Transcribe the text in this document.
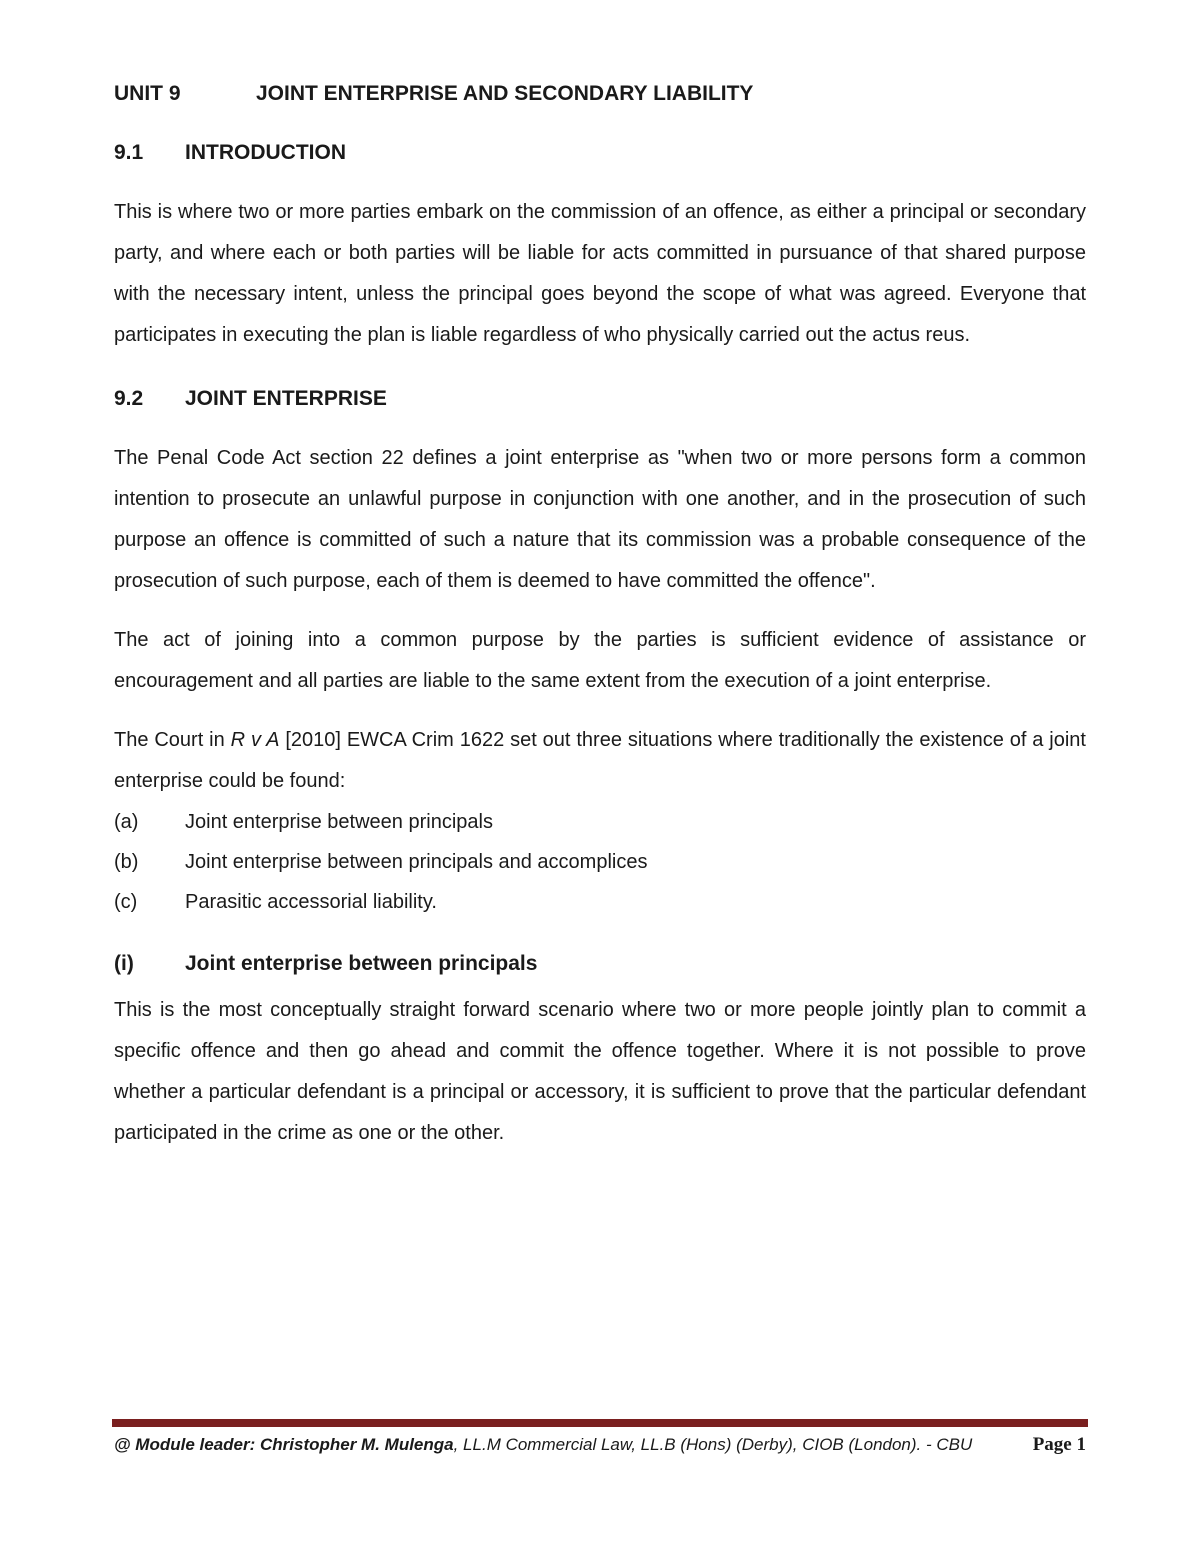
UNIT 9	JOINT ENTERPRISE AND SECONDARY LIABILITY
9.1	INTRODUCTION

This is where two or more parties embark on the commission of an offence, as either a principal or secondary party, and where each or both parties will be liable for acts committed in pursuance of that shared purpose with the necessary intent, unless the principal goes beyond the scope of what was agreed. Everyone that participates in executing the plan is liable regardless of who physically carried out the actus reus.

9.2	JOINT ENTERPRISE

The Penal Code Act section 22 defines a joint enterprise as "when two or more persons form a common intention to prosecute an unlawful purpose in conjunction with one another, and in the prosecution of such purpose an offence is committed of such a nature that its commission was a probable consequence of the prosecution of such purpose, each of them is deemed to have committed the offence".

The act of joining into a common purpose by the parties is sufficient evidence of assistance or encouragement and all parties are liable to the same extent from the execution of a joint enterprise.

The Court in R v A [2010] EWCA Crim 1622 set out three situations where traditionally the existence of a joint enterprise could be found:

(a)	Joint enterprise between principals
(b)	Joint enterprise between principals and accomplices
(c)	Parasitic accessorial liability.
(i)	Joint enterprise between principals

This is the most conceptually straight forward scenario where two or more people jointly plan to commit a specific offence and then go ahead and commit the offence together. Where it is not possible to prove whether a particular defendant is a principal or accessory, it is sufficient to prove that the particular defendant participated in the crime as one or the other.

@ Module leader: Christopher M. Mulenga, LL.M Commercial Law, LL.B (Hons) (Derby), CIOB (London). - CBU	Page 1
